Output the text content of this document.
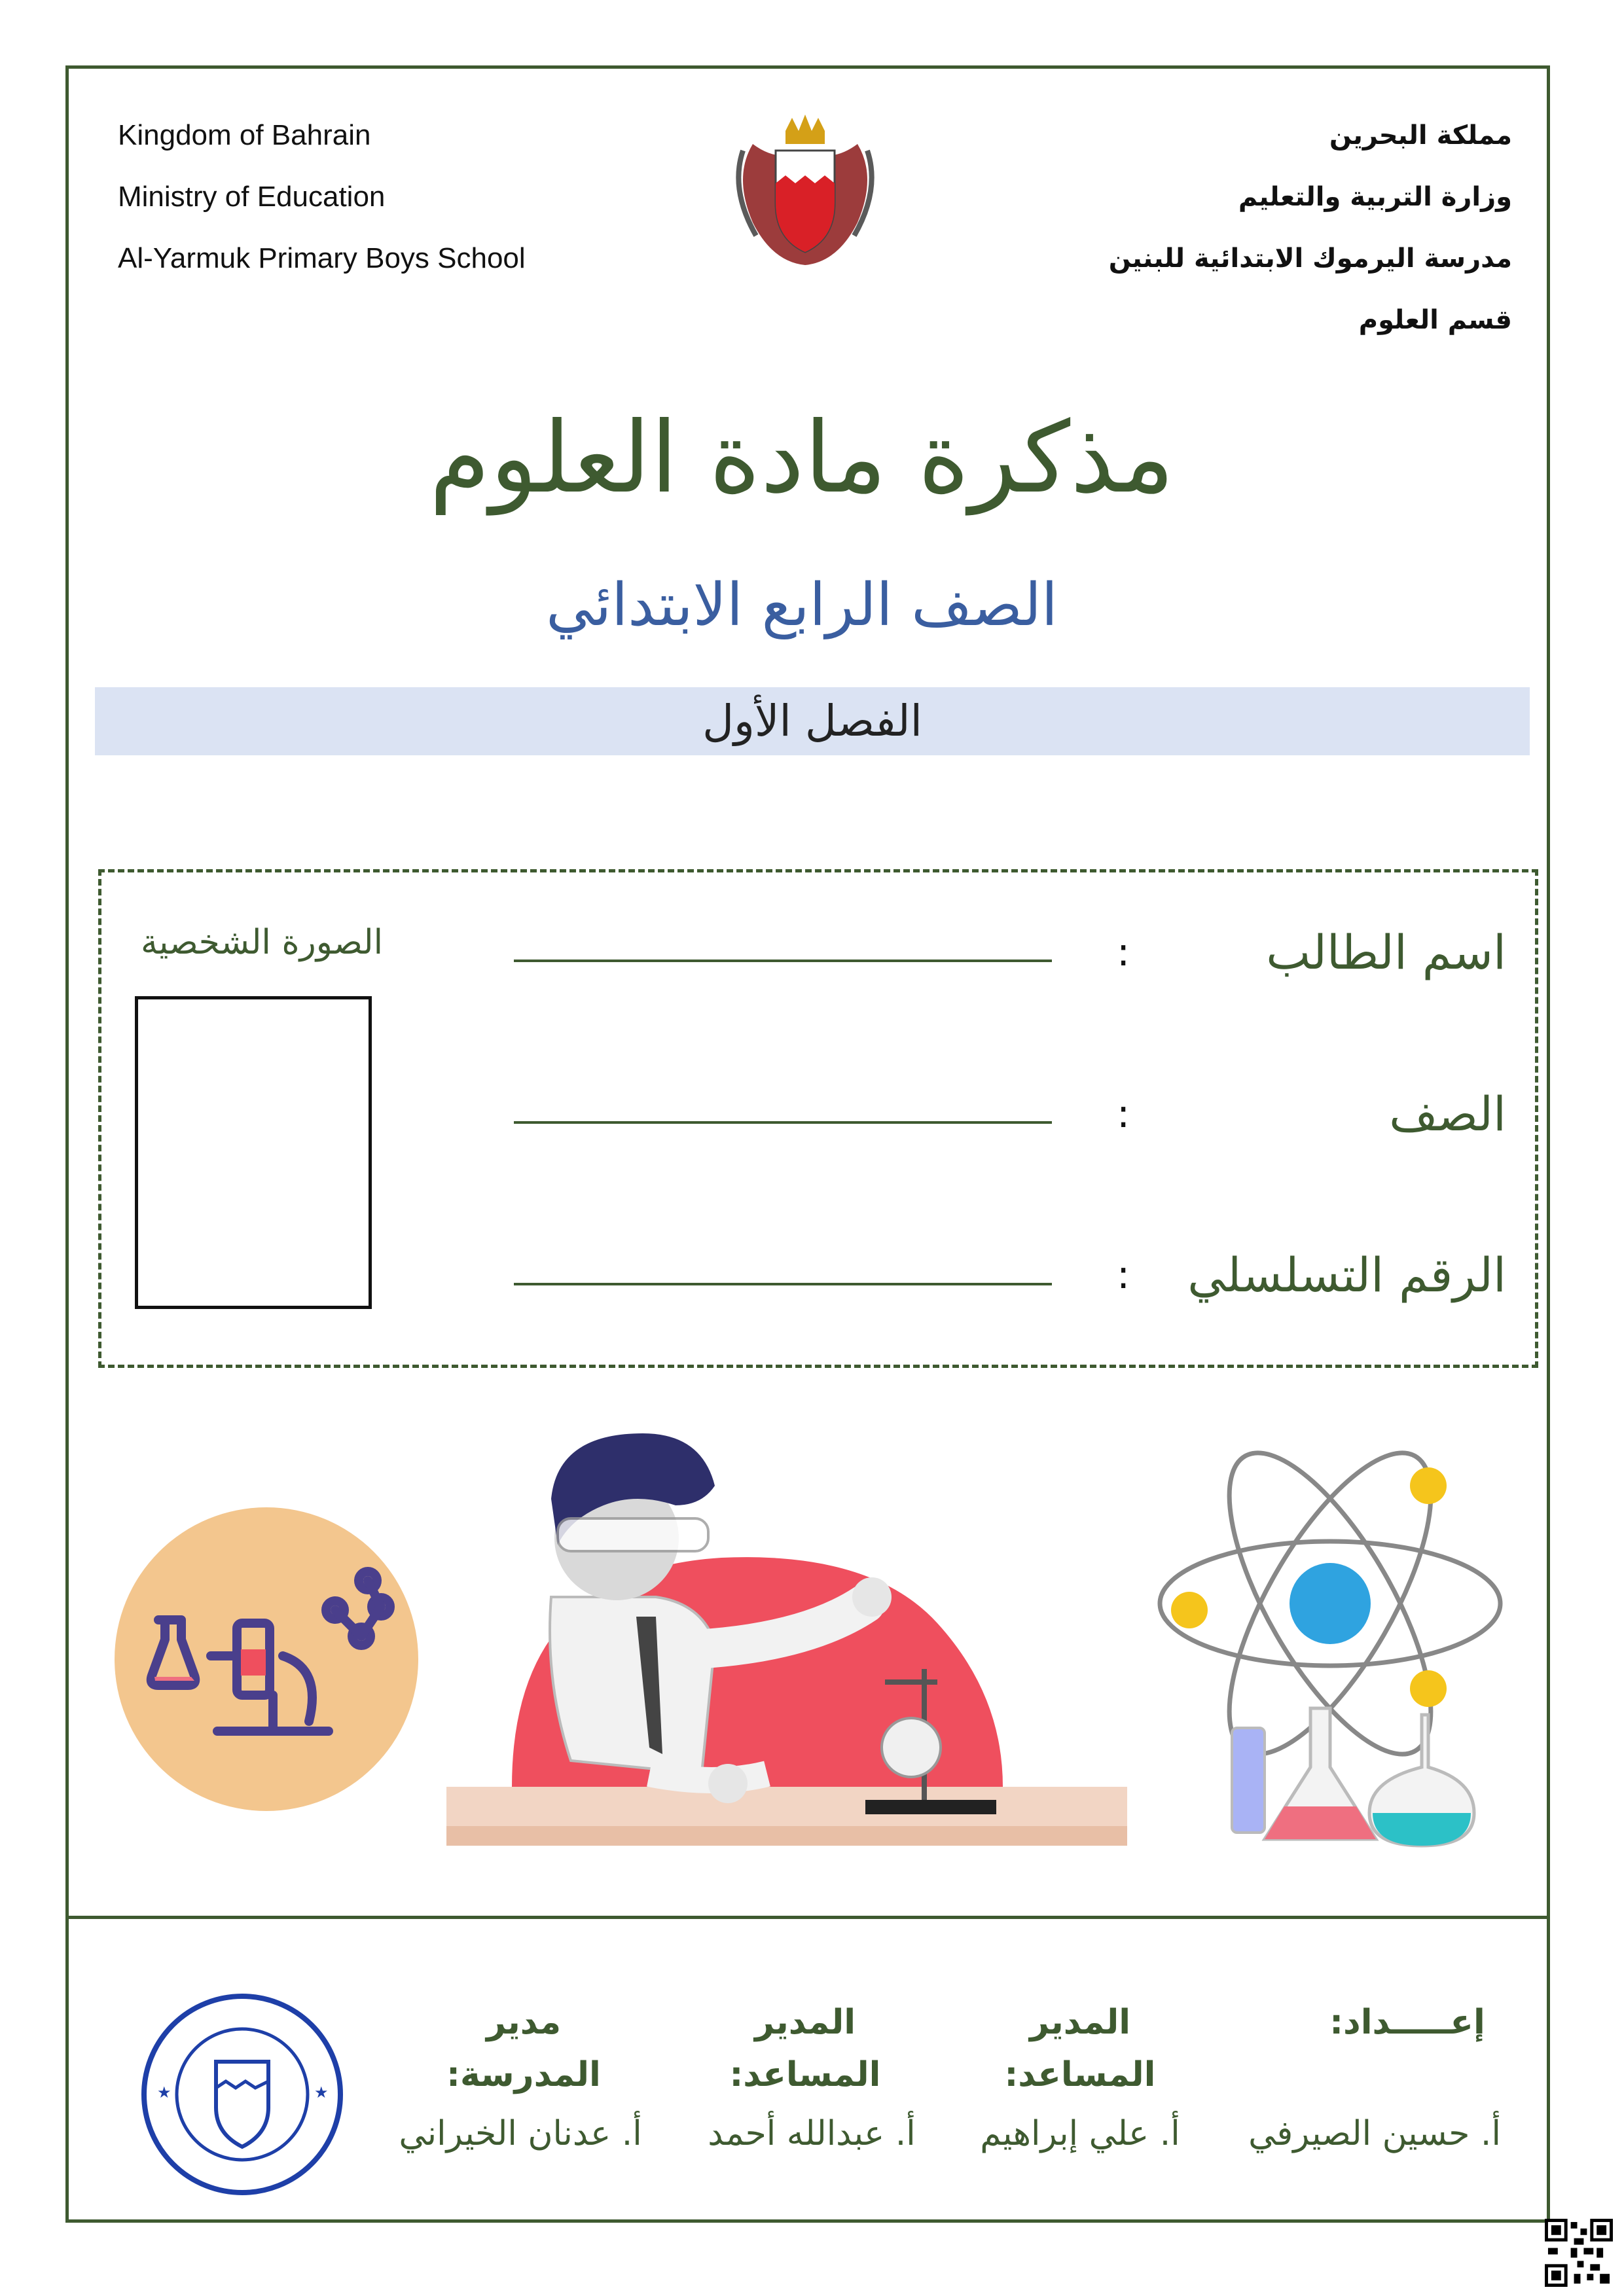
Kingdom of Bahrain
Ministry of Education
Al-Yarmuk Primary Boys School
مملكة البحرين
وزارة التربية والتعليم
مدرسة اليرموك الابتدائية للبنين
قسم العلوم
مذكرة مادة العلوم
الصف الرابع الابتدائي
الفصل الأول
اسم الطالب
:
الصف
:
الرقم التسلسلي
:
الصورة الشخصية
إعـــــداد:
أ. حسين الصيرفي
المدير المساعد:
أ. علي إبراهيم
المدير المساعد:
أ. عبدالله أحمد
مدير المدرسة:
أ. عدنان الخيراني
★	★
